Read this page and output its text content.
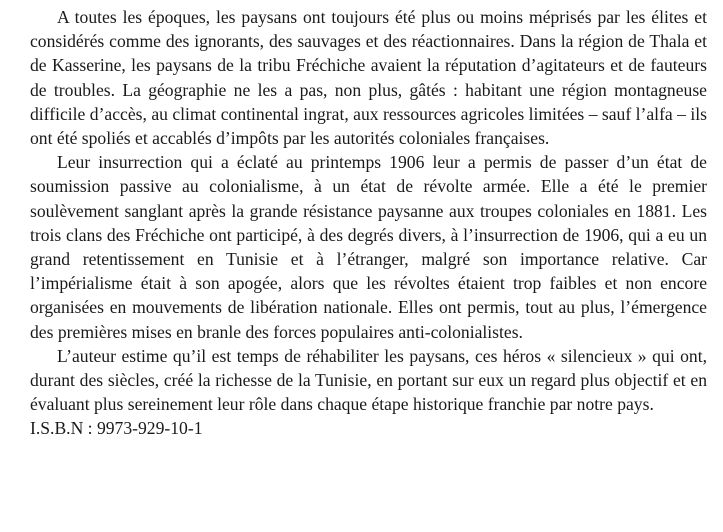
A toutes les époques, les paysans ont toujours été plus ou moins méprisés par les élites et considérés comme des ignorants, des sauvages et des réactionnaires. Dans la région de Thala et de Kasserine, les paysans de la tribu Fréchiche avaient la réputation d’agitateurs et de fauteurs de troubles. La géographie ne les a pas, non plus, gâtés : habitant une région montagneuse difficile d’accès, au climat continental ingrat, aux ressources agricoles limitées – sauf l’alfa – ils ont été spoliés et accablés d’impôts par les autorités coloniales françaises.

Leur insurrection qui a éclaté au printemps 1906 leur a permis de passer d’un état de soumission passive au colonialisme, à un état de révolte armée. Elle a été le premier soulèvement sanglant après la grande résistance paysanne aux troupes coloniales en 1881. Les trois clans des Fréchiche ont participé, à des degrés divers, à l’insurrection de 1906, qui a eu un grand retentissement en Tunisie et à l’étranger, malgré son importance relative. Car l’impérialisme était à son apogée, alors que les révoltes étaient trop faibles et non encore organisées en mouvements de libération nationale. Elles ont permis, tout au plus, l’émergence des premières mises en branle des forces populaires anti-colonialistes.

L’auteur estime qu’il est temps de réhabiliter les paysans, ces héros « silencieux » qui ont, durant des siècles, créé la richesse de la Tunisie, en portant sur eux un regard plus objectif et en évaluant plus sereinement leur rôle dans chaque étape historique franchie par notre pays.

I.S.B.N : 9973-929-10-1
